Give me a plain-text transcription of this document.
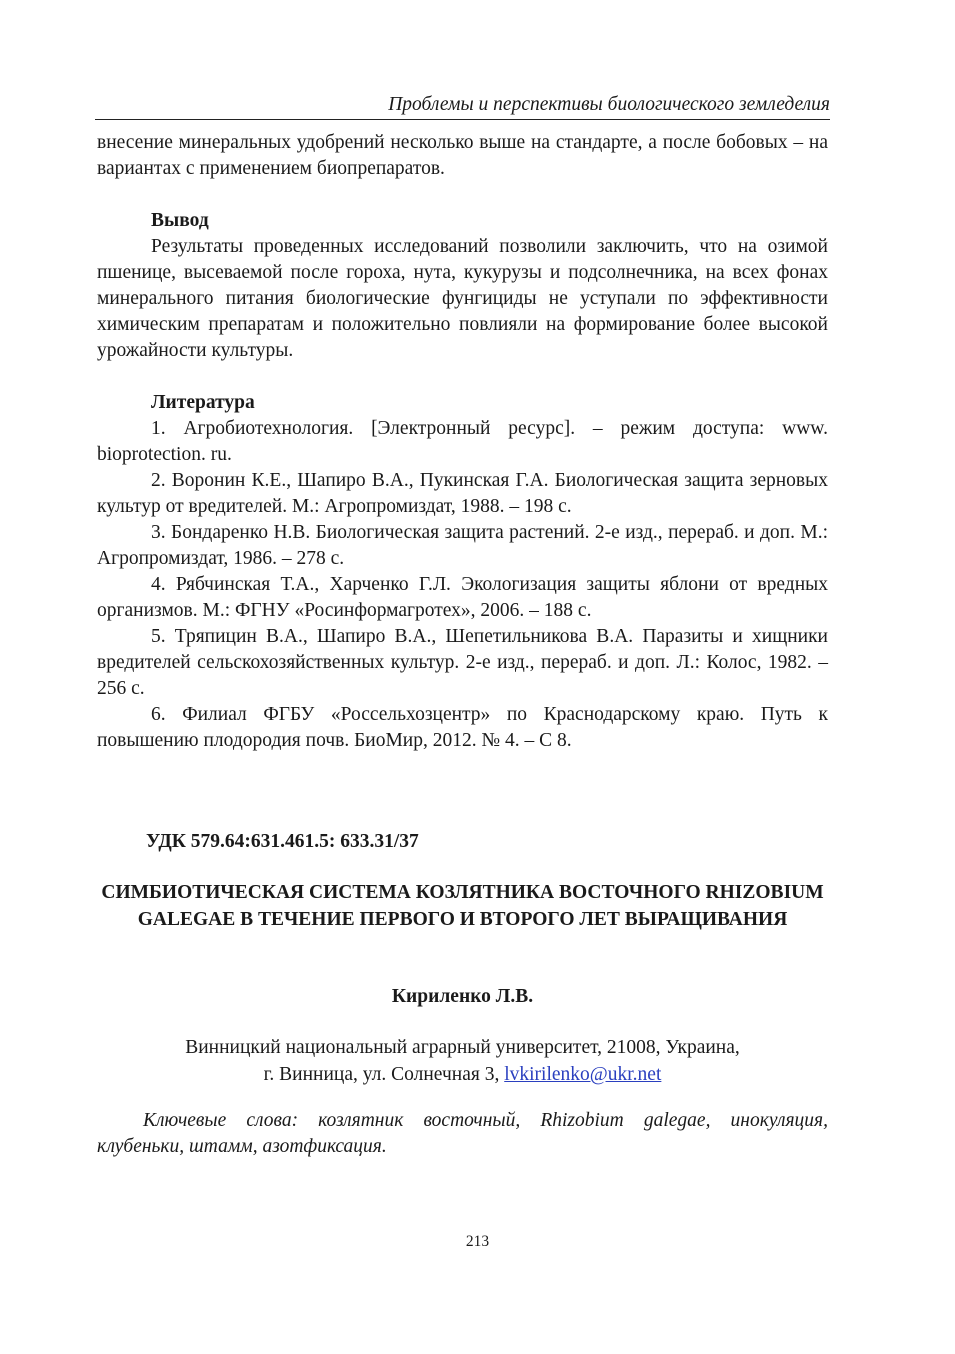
Проблемы и перспективы биологического земледелия

внесение минеральных удобрений несколько выше на стандарте, а после бобовых – на вариантах с применением биопрепаратов.

Вывод

Результаты проведенных исследований позволили заключить, что на озимой пшенице, высеваемой после гороха, нута, кукурузы и подсолнечника, на всех фонах минерального питания биологические фунгициды не уступали по эффективности химическим препаратам и положительно повлияли на формирование более высокой урожайности культуры.

Литература

1. Агробиотехнология. [Электронный ресурс]. – режим доступа: www. bioprotection. ru.

2. Воронин К.Е., Шапиро В.А., Пукинская Г.А. Биологическая защита зерновых культур от вредителей. М.: Агропромиздат, 1988. – 198 с.

3. Бондаренко Н.В. Биологическая защита растений. 2-е изд., перераб. и доп. М.: Агропромиздат, 1986. – 278 с.

4. Рябчинская Т.А., Харченко Г.Л. Экологизация защиты яблони от вредных организмов. М.: ФГНУ «Росинформагротех», 2006. – 188 с.

5. Тряпицин В.А., Шапиро В.А., Шепетильникова В.А. Паразиты и хищники вредителей сельскохозяйственных культур. 2-е изд., перераб. и доп. Л.: Колос, 1982. – 256 с.

6. Филиал ФГБУ «Россельхозцентр» по Краснодарскому краю. Путь к повышению плодородия почв. БиоМир, 2012. № 4. – С 8.

УДК 579.64:631.461.5: 633.31/37

СИМБИОТИЧЕСКАЯ СИСТЕМА КОЗЛЯТНИКА ВОСТОЧНОГО RHIZOBIUM GALEGAE В ТЕЧЕНИЕ ПЕРВОГО И ВТОРОГО ЛЕТ ВЫРАЩИВАНИЯ

Кириленко Л.В.
Винницкий национальный аграрный университет, 21008, Украина,
г. Винница, ул. Солнечная 3, lvkirilenko@ukr.net

Ключевые слова: козлятник восточный, Rhizobium galegae, инокуляция, клубеньки, штамм, азотфиксация.

213
